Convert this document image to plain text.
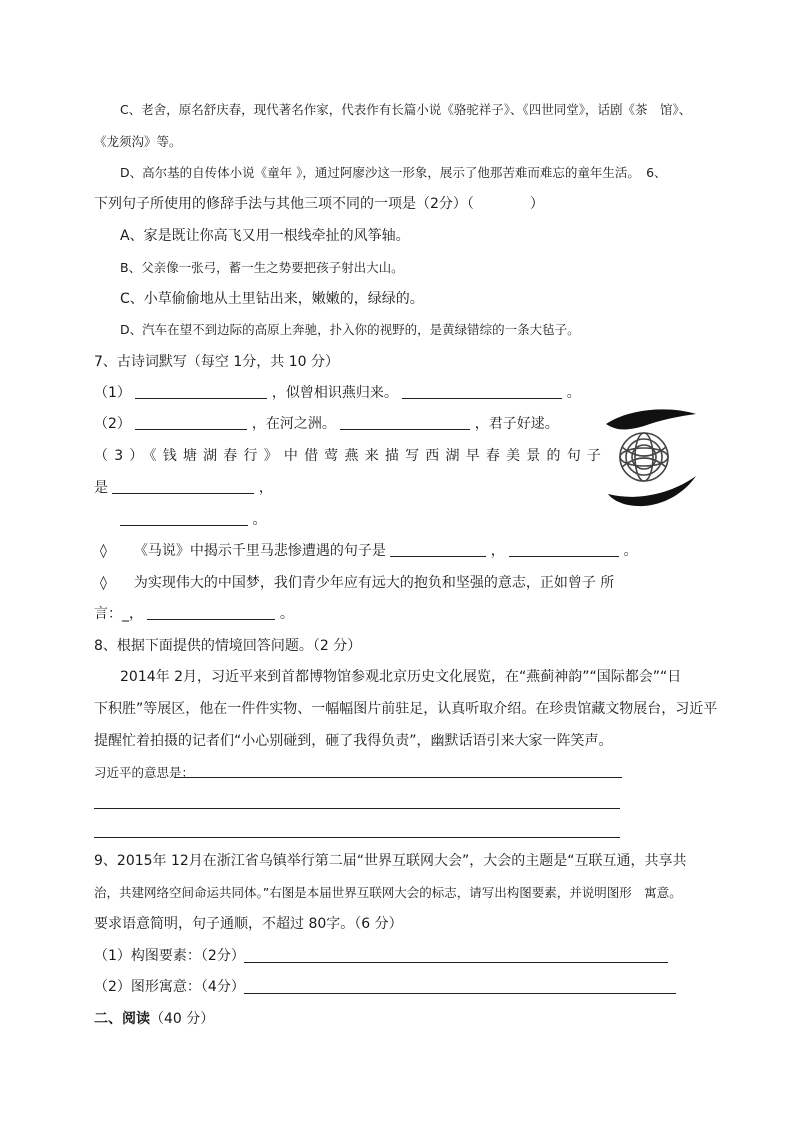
C、老舍，原名舒庆春，现代著名作家，代表作有长篇小说《骆驼祥子》、《四世同堂》，话剧《茶　馆》、
《龙须沟》等。
D、高尔基的自传体小说《童年 》，通过阿廖沙这一形象，展示了他那苦难而难忘的童年生活。　6、
下列句子所使用的修辞手法与其他三项不同的一项是（2分）（　　　　）
A、家是既让你高飞又用一根线牵扯的风筝轴。
B、父亲像一张弓，蓄一生之势要把孩子射出大山。
C、小草偷偷地从土里钻出来，嫩嫩的，绿绿的。
D、汽车在望不到边际的高原上奔驰，扑入你的视野的，是黄绿错综的一条大毡子。
7、古诗词默写（每空 1分，共 10 分）
（1）	，似曾相识燕归来。	。
（2）	，在河之洲。	，君子好逑。
（3）《钱塘湖春行》中借莺燕来描写西湖早春美景的句子
是	，
。
◊ 《马说》中揭示千里马悲惨遭遇的句子是	，	。
◊ 为实现伟大的中国梦，我们青少年应有远大的抱负和坚强的意志，正如曾子 所
言：_，	。
8、根据下面提供的情境回答问题。（2 分）
2014年 2月，习近平来到首都博物馆参观北京历史文化展览，在“燕蓟神韵”“国际都会”“日
下积胜”等展区，他在一件件实物、一幅幅图片前驻足，认真听取介绍。在珍贵馆藏文物展台，习近平
提醒忙着拍摄的记者们“小心别碰到，砸了我得负责”，幽默话语引来大家一阵笑声。
习近平的意思是：
9、2015年 12月在浙江省乌镇举行第二届“世界互联网大会”，大会的主题是“互联互通，共享共
治，共建网络空间命运共同体。”右图是本届世界互联网大会的标志，请写出构图要素，并说明图形　寓意。
要求语意简明，句子通顺，不超过 80字。（6 分）
（1）构图要素：（2分）
（2）图形寓意：（4分）
二、阅读（40 分）
